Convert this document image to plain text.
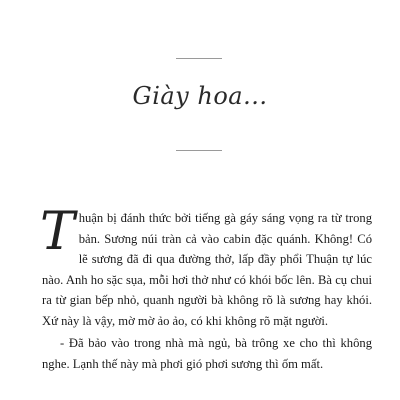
Giày hoa...

T huận bị đánh thức bởi tiếng gà gáy sáng vọng ra từ trong bản. Sương núi tràn cả vào cabin đặc quánh. Không! Có lẽ sương đã đi qua đường thở, lấp đầy phổi Thuận tự lúc nào. Anh ho sặc sụa, mỗi hơi thở như có khói bốc lên. Bà cụ chui ra từ gian bếp nhỏ, quanh người bà không rõ là sương hay khói. Xứ này là vậy, mờ mờ ảo ảo, có khi không rõ mặt người.

- Đã bảo vào trong nhà mà ngủ, bà trông xe cho thì không nghe. Lạnh thế này mà phơi gió phơi sương thì ốm mất.
